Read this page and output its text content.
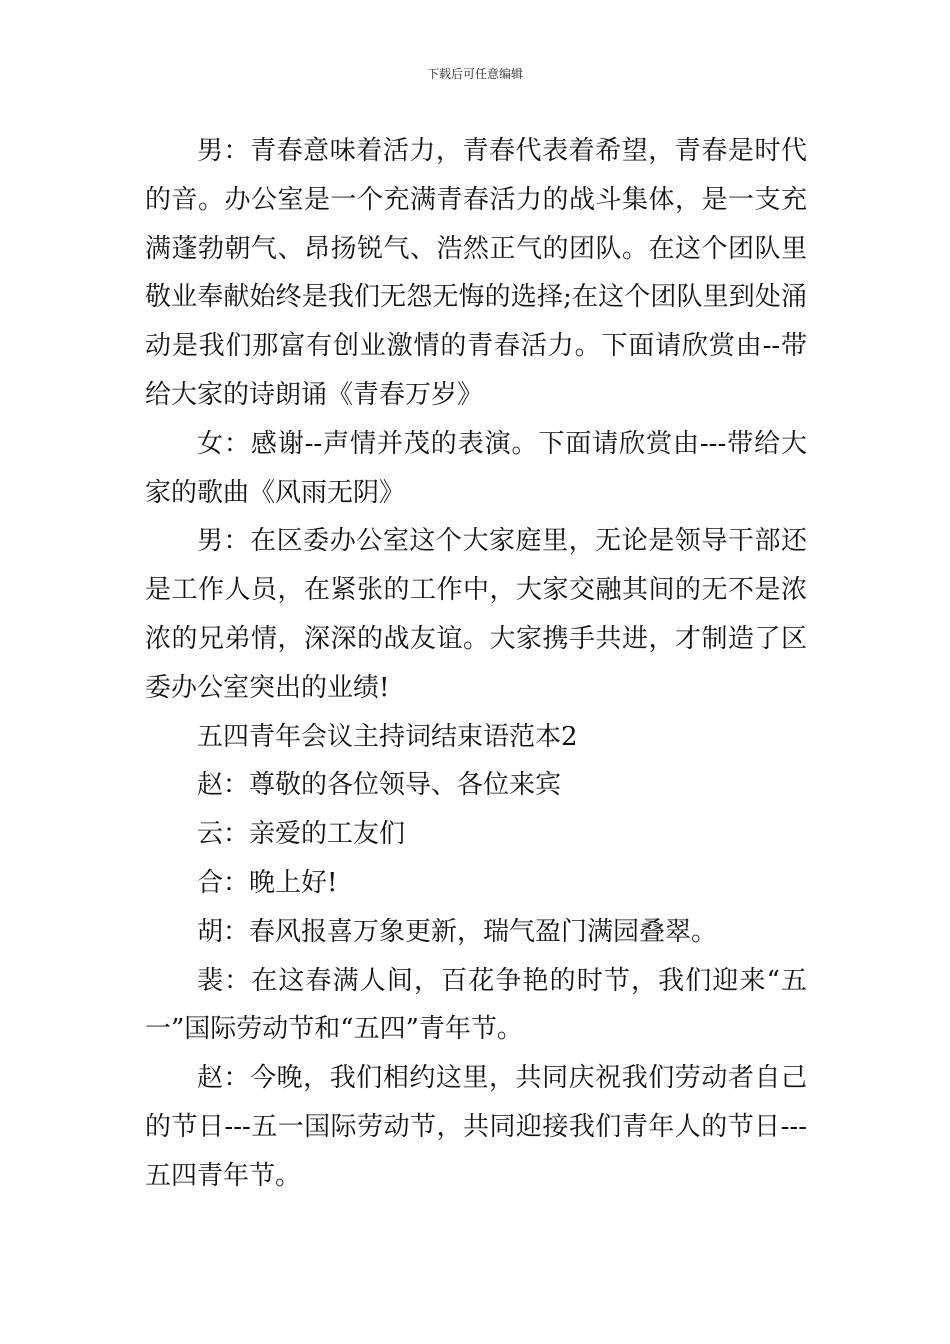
下载后可任意编辑

男：青春意味着活力，青春代表着希望，青春是时代的音。办公室是一个充满青春活力的战斗集体，是一支充满蓬勃朝气、昂扬锐气、浩然正气的团队。在这个团队里敬业奉献始终是我们无怨无悔的选择;在这个团队里到处涌动是我们那富有创业激情的青春活力。下面请欣赏由--带给大家的诗朗诵《青春万岁》

女：感谢--声情并茂的表演。下面请欣赏由---带给大家的歌曲《风雨无阴》

男：在区委办公室这个大家庭里，无论是领导干部还是工作人员，在紧张的工作中，大家交融其间的无不是浓浓的兄弟情，深深的战友谊。大家携手共进，才制造了区委办公室突出的业绩!

五四青年会议主持词结束语范本2

赵：尊敬的各位领导、各位来宾

云：亲爱的工友们

合：晚上好!

胡：春风报喜万象更新，瑞气盈门满园叠翠。

裴：在这春满人间，百花争艳的时节，我们迎来“五一”国际劳动节和“五四”青年节。

赵：今晚，我们相约这里，共同庆祝我们劳动者自己的节日---五一国际劳动节，共同迎接我们青年人的节日---五四青年节。
